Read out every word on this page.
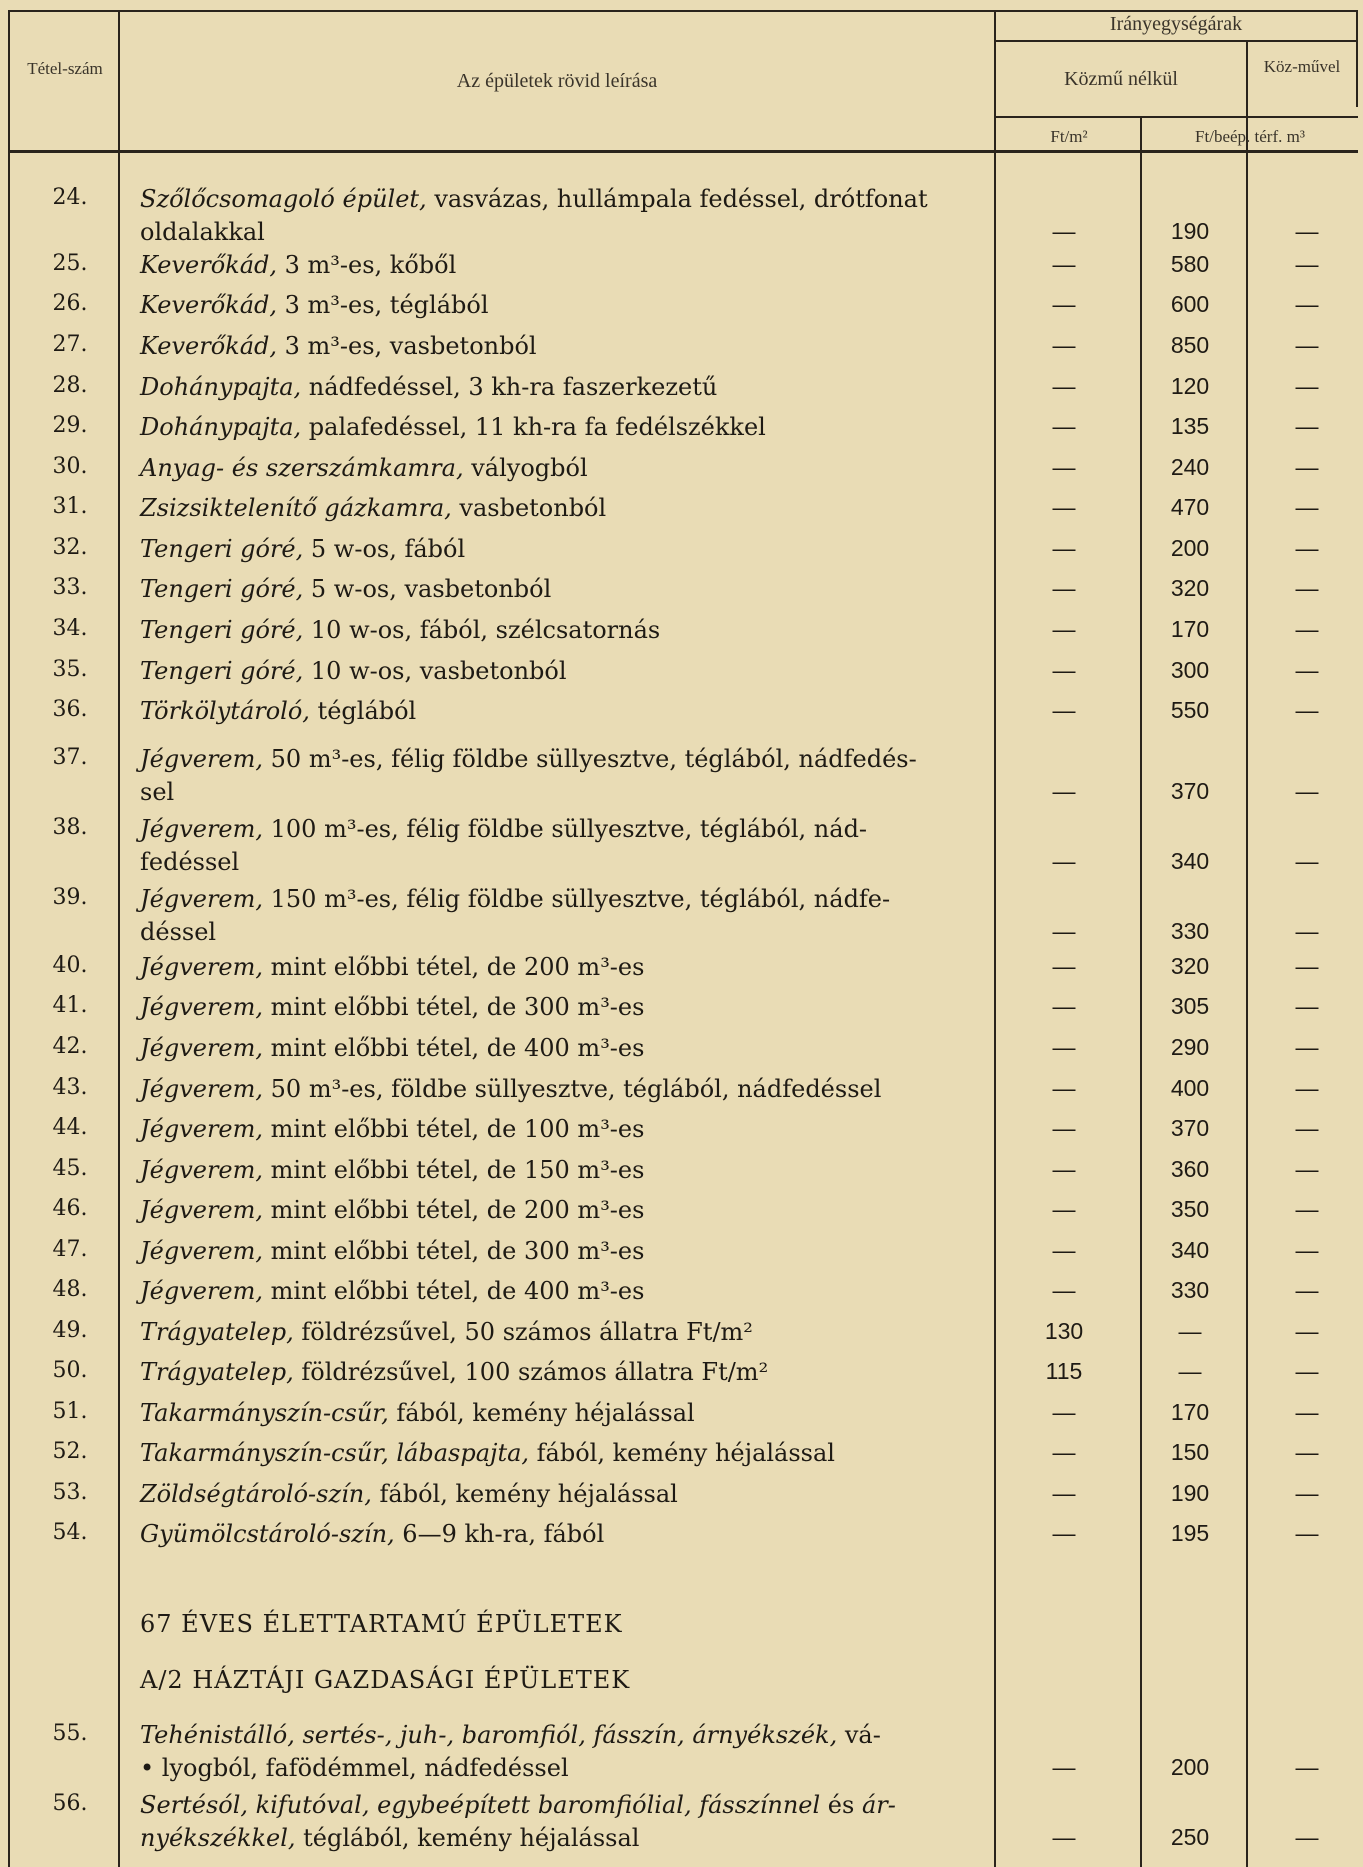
Tétel-szám
Az épületek rövid leírása
Irányegységárak
Közmű nélkül
Köz-művel
Ft/m²	Ft/beép. térf. m³
24.	Szőlőcsomagoló épület, vasvázas, hullámpala fedéssel, drótfonat
oldalakkal	—	190	—
25.	Keverőkád, 3 m³-es, kőből	—	580	—
26.	Keverőkád, 3 m³-es, téglából	—	600	—
27.	Keverőkád, 3 m³-es, vasbetonból	—	850	—
28.	Dohánypajta, nádfedéssel, 3 kh-ra faszerkezetű	—	120	—
29.	Dohánypajta, palafedéssel, 11 kh-ra fa fedélszékkel	—	135	—
30.	Anyag- és szerszámkamra, vályogból	—	240	—
31.	Zsizsiktelenítő gázkamra, vasbetonból	—	470	—
32.	Tengeri góré, 5 w-os, fából	—	200	—
33.	Tengeri góré, 5 w-os, vasbetonból	—	320	—
34.	Tengeri góré, 10 w-os, fából, szélcsatornás	—	170	—
35.	Tengeri góré, 10 w-os, vasbetonból	—	300	—
36.	Törkölytároló, téglából	—	550	—
37.	Jégverem, 50 m³-es, félig földbe süllyesztve, téglából, nádfedés-
sel	—	370	—
38.	Jégverem, 100 m³-es, félig földbe süllyesztve, téglából, nád-
fedéssel	—	340	—
39.	Jégverem, 150 m³-es, félig földbe süllyesztve, téglából, nádfe-
déssel	—	330	—
40.	Jégverem, mint előbbi tétel, de 200 m³-es	—	320	—
41.	Jégverem, mint előbbi tétel, de 300 m³-es	—	305	—
42.	Jégverem, mint előbbi tétel, de 400 m³-es	—	290	—
43.	Jégverem, 50 m³-es, földbe süllyesztve, téglából, nádfedéssel	—	400	—
44.	Jégverem, mint előbbi tétel, de 100 m³-es	—	370	—
45.	Jégverem, mint előbbi tétel, de 150 m³-es	—	360	—
46.	Jégverem, mint előbbi tétel, de 200 m³-es	—	350	—
47.	Jégverem, mint előbbi tétel, de 300 m³-es	—	340	—
48.	Jégverem, mint előbbi tétel, de 400 m³-es	—	330	—
49.	Trágyatelep, földrézsűvel, 50 számos állatra Ft/m²	130	—	—
50.	Trágyatelep, földrézsűvel, 100 számos állatra Ft/m²	115	—	—
51.	Takarmányszín-csűr, fából, kemény héjalással	—	170	—
52.	Takarmányszín-csűr, lábaspajta, fából, kemény héjalással	—	150	—
53.	Zöldségtároló-szín, fából, kemény héjalással	—	190	—
54.	Gyümölcstároló-szín, 6—9 kh-ra, fából	—	195	—
67 ÉVES ÉLETTARTAMÚ ÉPÜLETEK
A/2 HÁZTÁJI GAZDASÁGI ÉPÜLETEK
55.	Tehénistálló, sertés-, juh-, baromfiól, fásszín, árnyékszék, vá-
• lyogból, fafödémmel, nádfedéssel	—	200	—
56.	Sertésól, kifutóval, egybeépített baromfiólial, fásszínnel és ár-
nyékszékkel, téglából, kemény héjalással	—	250	—
